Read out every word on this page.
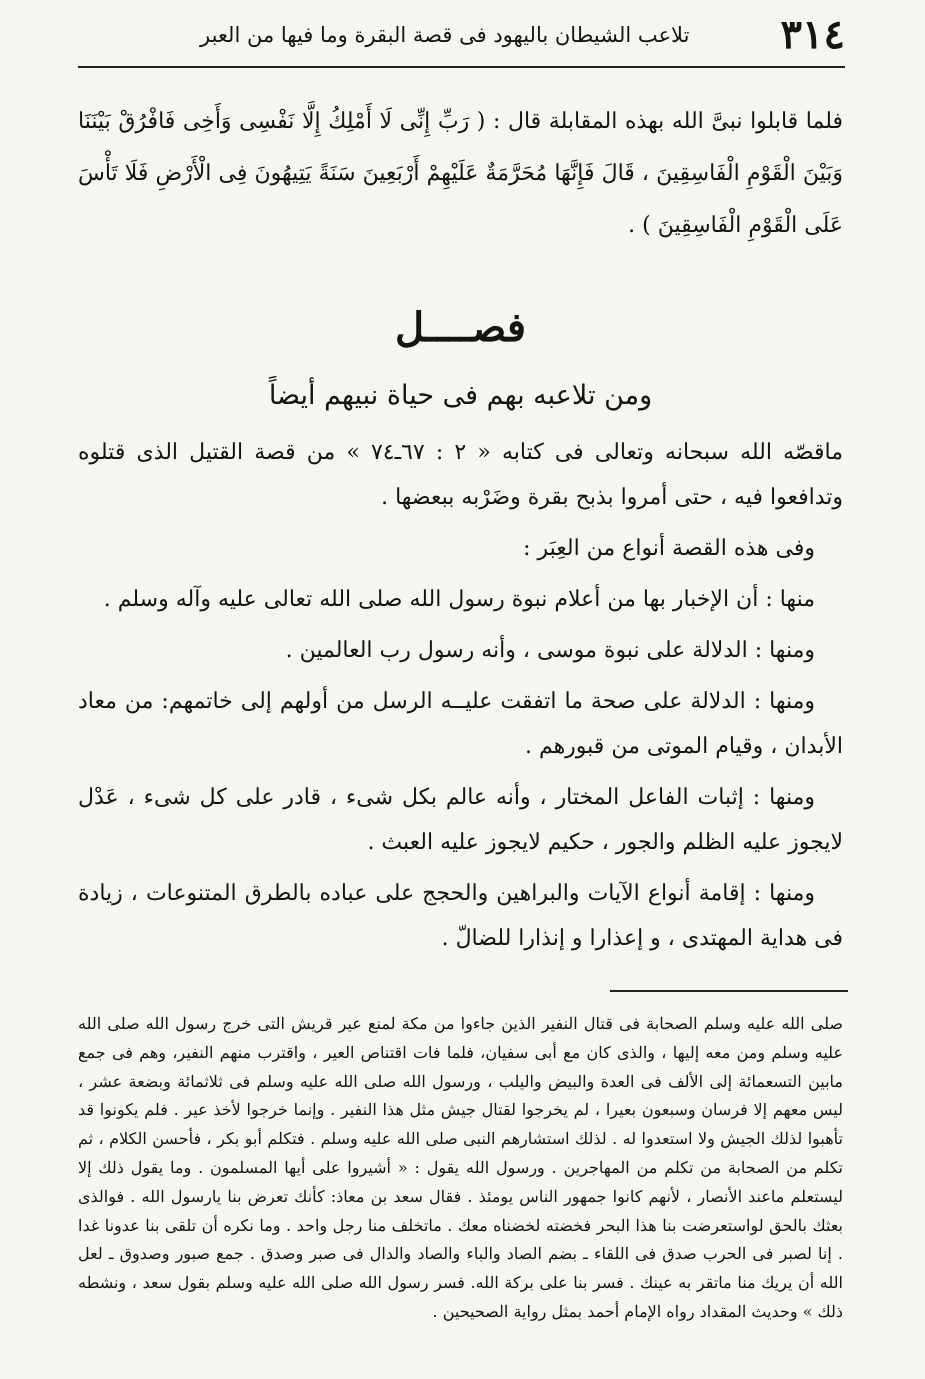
٣١٤
تلاعب الشيطان باليهود فى قصة البقرة وما فيها من العبر

فلما قابلوا نبىَّ الله بهذه المقابلة قال : ( رَبِّ إِنِّى لَا أَمْلِكُ إِلَّا نَفْسِى وَأَخِى فَافْرُقْ بَيْنَنَا وَبَيْنَ الْقَوْمِ الْفَاسِقِينَ ، قَالَ فَإِنَّهَا مُحَرَّمَةٌ عَلَيْهِمْ أَرْبَعِينَ سَنَةً يَتِيهُونَ فِى الْأَرْضِ فَلَا تَأْسَ عَلَى الْقَوْمِ الْفَاسِقِينَ ) .

فصــــل
ومن تلاعبه بهم فى حياة نبيهم أيضاً

ماقصّه الله سبحانه وتعالى فى كتابه « ٢ : ٦٧ـ٧٤ » من قصة القتيل الذى قتلوه وتدافعوا فيه ، حتى أمروا بذبح بقرة وضَرْبه ببعضها .

وفى هذه القصة أنواع من العِبَر :

منها : أن الإخبار بها من أعلام نبوة رسول الله صلى الله تعالى عليه وآله وسلم .

ومنها : الدلالة على نبوة موسى ، وأنه رسول رب العالمين .

ومنها : الدلالة على صحة ما اتفقت عليــه الرسل من أولهم إلى خاتمهم: من معاد الأبدان ، وقيام الموتى من قبورهم .

ومنها : إثبات الفاعل المختار ، وأنه عالم بكل شىء ، قادر على كل شىء ، عَدْل لايجوز عليه الظلم والجور ، حكيم لايجوز عليه العبث .

ومنها : إقامة أنواع الآيات والبراهين والحجج على عباده بالطرق المتنوعات ، زيادة فى هداية المهتدى ، و إعذارا و إنذارا للضالّ .

صلى الله عليه وسلم الصحابة فى قتال النفير الذين جاءوا من مكة لمنع عير قريش التى خرج رسول الله صلى الله عليه وسلم ومن معه إليها ، والذى كان مع أبى سفيان، فلما فات اقتناص العير ، واقترب منهم النفير، وهم فى جمع مابين التسعمائة إلى الألف فى العدة والبيض واليلب ، ورسول الله صلى الله عليه وسلم فى ثلاثمائة وبضعة عشر ، ليس معهم إلا فرسان وسبعون بعيرا ، لم يخرجوا لقتال جيش مثل هذا النفير . وإنما خرجوا لأخذ عير . فلم يكونوا قد تأهبوا لذلك الجيش ولا استعدوا له . لذلك استشارهم النبى صلى الله عليه وسلم . فتكلم أبو بكر ، فأحسن الكلام ، ثم تكلم من الصحابة من تكلم من المهاجرين . ورسول الله يقول : « أشيروا على أيها المسلمون . وما يقول ذلك إلا ليستعلم ماعند الأنصار ، لأنهم كانوا جمهور الناس يومئذ . فقال سعد بن معاذ: كأنك تعرض بنا يارسول الله . فوالذى بعثك بالحق لواستعرضت بنا هذا البحر فخضته لخضناه معك . ماتخلف منا رجل واحد . وما نكره أن تلقى بنا عدونا غدا . إنا لصبر فى الحرب صدق فى اللقاء ـ بضم الصاد والباء والصاد والدال فى صبر وصدق . جمع صبور وصدوق ـ لعل الله أن يريك منا ماتقر به عينك . فسر بنا على بركة الله. فسر رسول الله صلى الله عليه وسلم بقول سعد ، ونشطه ذلك » وحديث المقداد رواه الإمام أحمد بمثل رواية الصحيحين .
